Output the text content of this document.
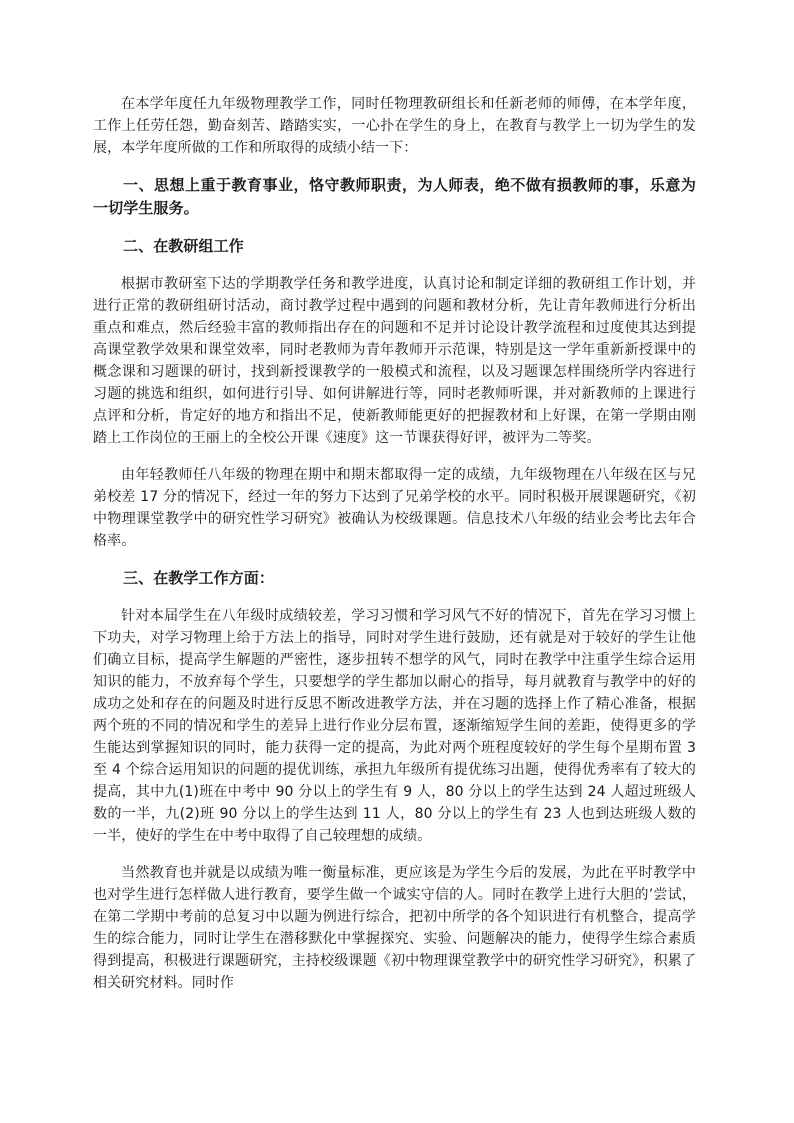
在本学年度任九年级物理教学工作，同时任物理教研组长和任新老师的师傅，在本学年度，工作上任劳任怨，勤奋刻苦、踏踏实实，一心扑在学生的身上，在教育与教学上一切为学生的发展，本学年度所做的工作和所取得的成绩小结一下：

一、思想上重于教育事业，恪守教师职责，为人师表，绝不做有损教师的事，乐意为一切学生服务。

二、在教研组工作

根据市教研室下达的学期教学任务和教学进度，认真讨论和制定详细的教研组工作计划，并进行正常的教研组研讨活动，商讨教学过程中遇到的问题和教材分析，先让青年教师进行分析出重点和难点，然后经验丰富的教师指出存在的问题和不足并讨论设计教学流程和过度使其达到提高课堂教学效果和课堂效率，同时老教师为青年教师开示范课，特别是这一学年重新新授课中的概念课和习题课的研讨，找到新授课教学的一般模式和流程，以及习题课怎样围绕所学内容进行习题的挑选和组织，如何进行引导、如何讲解进行等，同时老教师听课，并对新教师的上课进行点评和分析，肯定好的地方和指出不足，使新教师能更好的把握教材和上好课，在第一学期由刚踏上工作岗位的王丽上的全校公开课《速度》这一节课获得好评，被评为二等奖。

由年轻教师任八年级的物理在期中和期末都取得一定的成绩，九年级物理在八年级在区与兄弟校差 17 分的情况下，经过一年的努力下达到了兄弟学校的水平。同时积极开展课题研究，《初中物理课堂教学中的研究性学习研究》被确认为校级课题。信息技术八年级的结业会考比去年合格率。

三、在教学工作方面：

针对本届学生在八年级时成绩较差，学习习惯和学习风气不好的情况下，首先在学习习惯上下功夫，对学习物理上给于方法上的指导，同时对学生进行鼓励，还有就是对于较好的学生让他们确立目标，提高学生解题的严密性，逐步扭转不想学的风气，同时在教学中注重学生综合运用知识的能力，不放弃每个学生，只要想学的学生都加以耐心的指导，每月就教育与教学中的好的成功之处和存在的问题及时进行反思不断改进教学方法，并在习题的选择上作了精心准备，根据两个班的不同的情况和学生的差异上进行作业分层布置，逐渐缩短学生间的差距，使得更多的学生能达到掌握知识的同时，能力获得一定的提高，为此对两个班程度较好的学生每个星期布置 3 至 4 个综合运用知识的问题的提优训练，承担九年级所有提优练习出题，使得优秀率有了较大的提高，其中九(1)班在中考中 90 分以上的学生有 9 人，80 分以上的学生达到 24 人超过班级人数的一半，九(2)班 90 分以上的学生达到 11 人，80 分以上的学生有 23 人也到达班级人数的一半，使好的学生在中考中取得了自己较理想的成绩。

当然教育也并就是以成绩为唯一衡量标准，更应该是为学生今后的发展，为此在平时教学中也对学生进行怎样做人进行教育，要学生做一个诚实守信的人。同时在教学上进行大胆的’尝试，在第二学期中考前的总复习中以题为例进行综合，把初中所学的各个知识进行有机整合，提高学生的综合能力，同时让学生在潜移默化中掌握探究、实验、问题解决的能力，使得学生综合素质得到提高，积极进行课题研究，主持校级课题《初中物理课堂教学中的研究性学习研究》，积累了相关研究材料。同时作
